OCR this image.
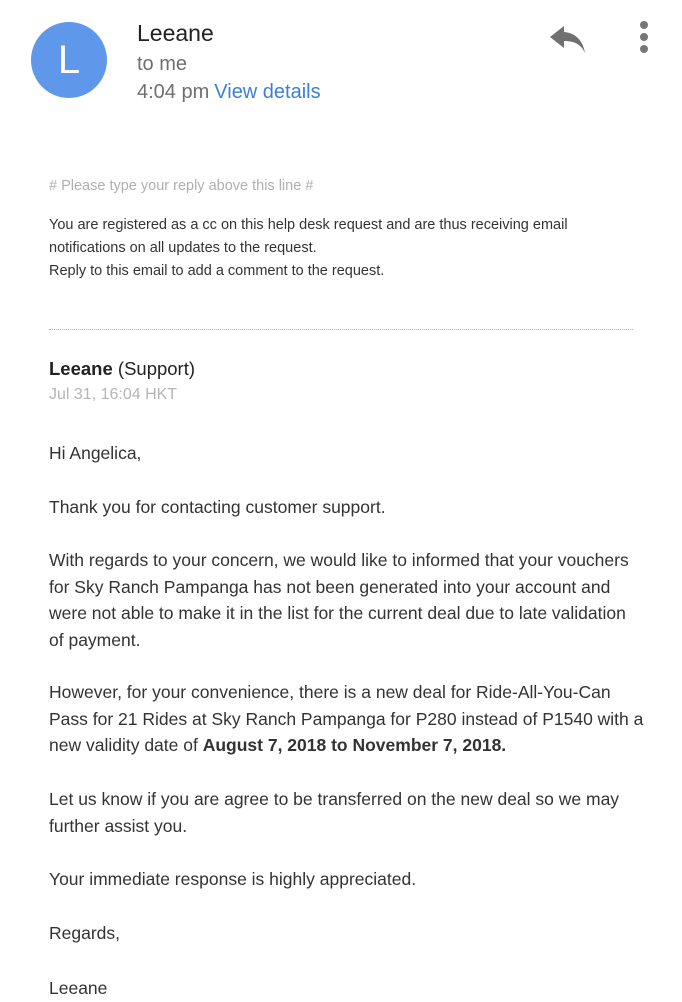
L
Leeane
to me
4:04 pm View details
# Please type your reply above this line #
You are registered as a cc on this help desk request and are thus receiving email notifications on all updates to the request.
Reply to this email to add a comment to the request.
Leeane (Support)
Jul 31, 16:04 HKT
Hi Angelica,
Thank you for contacting customer support.
With regards to your concern, we would like to informed that your vouchers for Sky Ranch Pampanga has not been generated into your account and were not able to make it in the list for the current deal due to late validation of payment.
However, for your convenience, there is a new deal for Ride-All-You-Can Pass for 21 Rides at Sky Ranch Pampanga for P280 instead of P1540 with a new validity date of August 7, 2018 to November 7, 2018.
Let us know if you are agree to be transferred on the new deal so we may further assist you.
Your immediate response is highly appreciated.
Regards,
Leeane
